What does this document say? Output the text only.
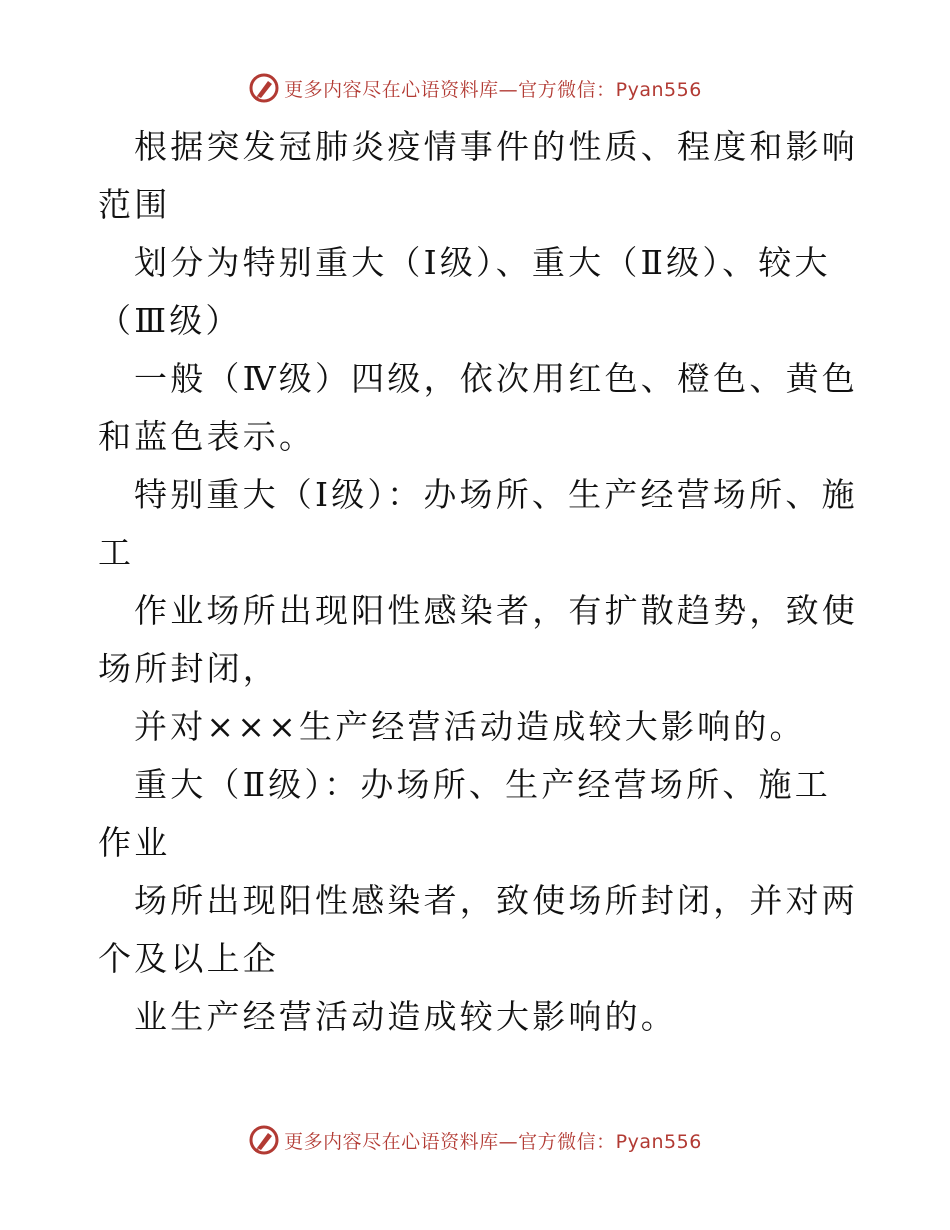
更多内容尽在心语资料库—官方微信：Pyan556

根据突发冠肺炎疫情事件的性质、程度和影响范围

划分为特别重大（Ⅰ级）、重大（Ⅱ级）、较大（Ⅲ级）

一般（Ⅳ级）四级，依次用红色、橙色、黄色和蓝色表示。

特别重大（Ⅰ级）：办场所、生产经营场所、施工

作业场所出现阳性感染者，有扩散趋势，致使场所封闭，

并对×××生产经营活动造成较大影响的。

重大（Ⅱ级）：办场所、生产经营场所、施工作业

场所出现阳性感染者，致使场所封闭，并对两个及以上企

业生产经营活动造成较大影响的。

更多内容尽在心语资料库—官方微信：Pyan556
